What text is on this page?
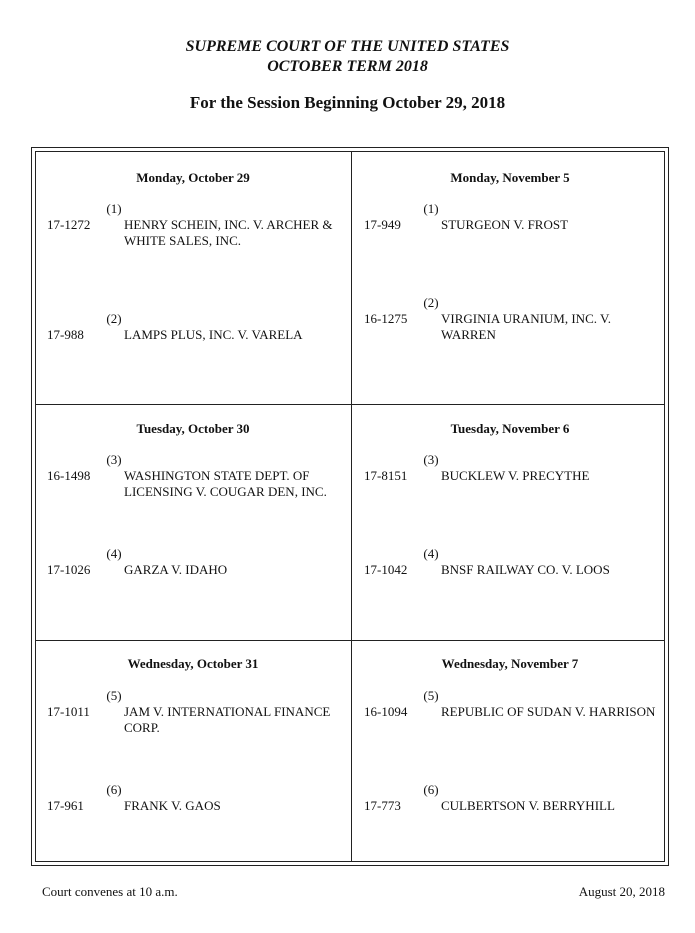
SUPREME COURT OF THE UNITED STATES
OCTOBER TERM 2018
For the Session Beginning October 29, 2018
Monday, October 29
(1)
17-1272	HENRY SCHEIN, INC. V. ARCHER & WHITE SALES, INC.
(2)
17-988	LAMPS PLUS, INC. V. VARELA
Monday, November 5
(1)
17-949	STURGEON V. FROST
(2)
16-1275	VIRGINIA URANIUM, INC. V. WARREN
Tuesday, October 30
(3)
16-1498	WASHINGTON STATE DEPT. OF LICENSING V. COUGAR DEN, INC.
(4)
17-1026	GARZA V. IDAHO
Tuesday, November 6
(3)
17-8151	BUCKLEW V. PRECYTHE
(4)
17-1042	BNSF RAILWAY CO. V. LOOS
Wednesday, October 31
(5)
17-1011	JAM V. INTERNATIONAL FINANCE CORP.
(6)
17-961	FRANK V. GAOS
Wednesday, November 7
(5)
16-1094	REPUBLIC OF SUDAN V. HARRISON
(6)
17-773	CULBERTSON V. BERRYHILL
Court convenes at 10 a.m.	August 20, 2018
